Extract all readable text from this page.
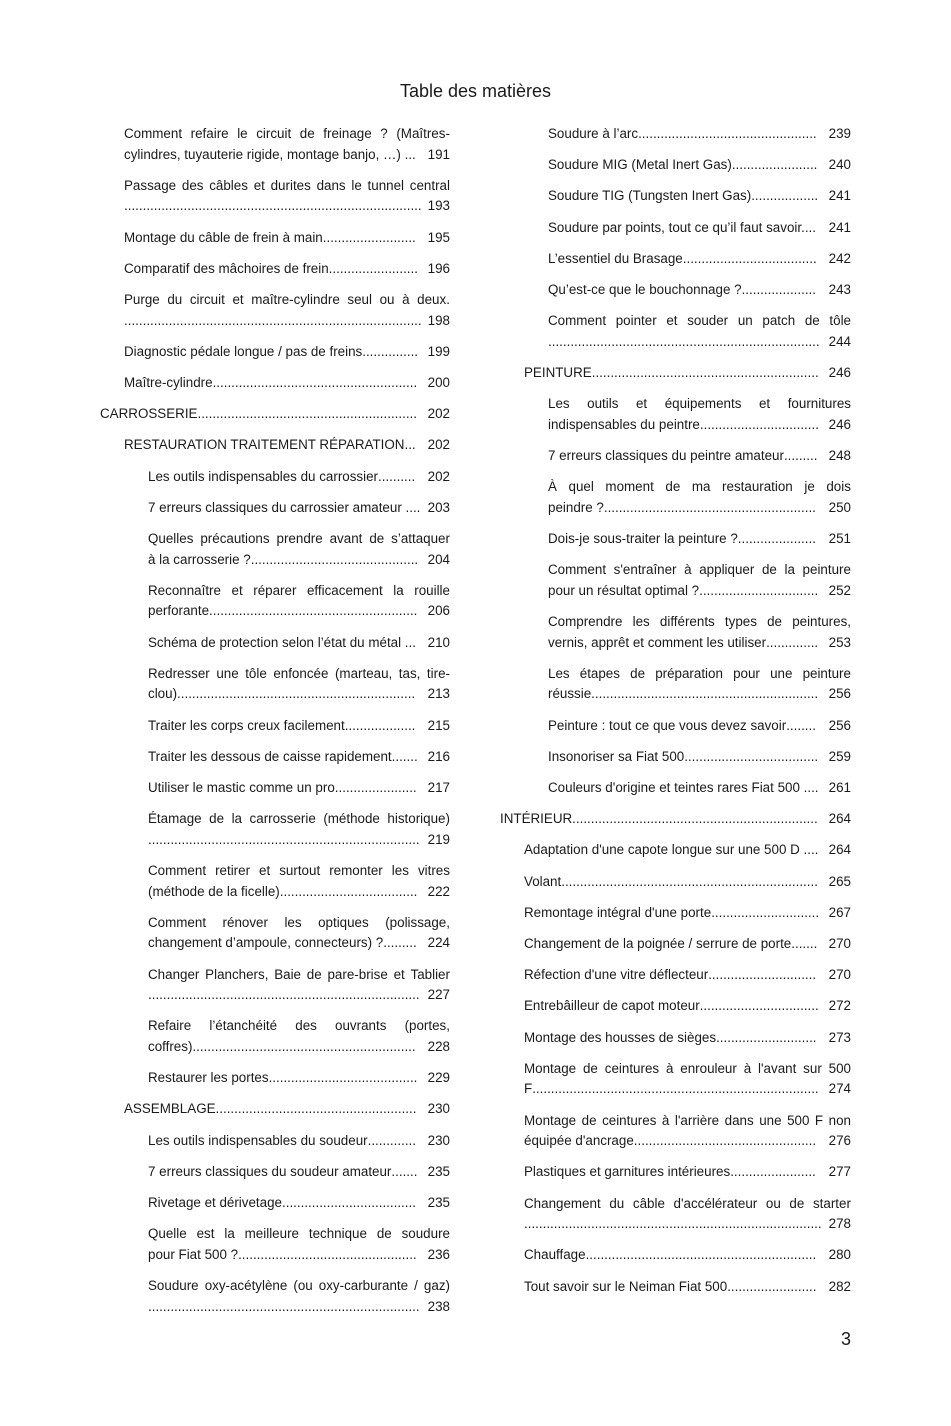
Table des matières
Comment refaire le circuit de freinage ? (Maîtres-
cylindres, tuyauterie rigide, montage banjo, …) . .. 191
Passage des câbles et durites dans le tunnel central
................................................................................ 193
Montage du câble de frein à main ......................... 195
Comparatif des mâchoires de frein ........................ 196
Purge du circuit et maître-cylindre seul ou à deux.
................................................................................ 198
Diagnostic pédale longue / pas de freins ............... 199
Maître-cylindre ....................................................... 200
CARROSSERIE ........................................................... 202
RESTAURATION TRAITEMENT RÉPARATION ... 202
Les outils indispensables du carrossier .......... 202
7 erreurs classiques du carrossier amateur .. .. 203
Quelles précautions prendre avant de s’attaquer
à la carrosserie ? ............................................. 204
Reconnaître et réparer efficacement la rouille
perforante ........................................................ 206
Schéma de protection selon l’état du métal . .. 210
Redresser une tôle enfoncée (marteau, tas, tire-
clou) ................................................................ 213
Traiter les corps creux facilement ................... 215
Traiter les dessous de caisse rapidement ....... 216
Utiliser le mastic comme un pro ...................... 217
Étamage de la carrosserie (méthode historique)
......................................................................... 219
Comment retirer et surtout remonter les vitres
(méthode de la ficelle) ..................................... 222
Comment rénover les optiques (polissage,
changement d’ampoule, connecteurs) ? ......... 224
Changer Planchers, Baie de pare-brise et Tablier
......................................................................... 227
Refaire l’étanchéité des ouvrants (portes,
coffres) ............................................................ 228
Restaurer les portes ........................................ 229
ASSEMBLAGE ...................................................... 230
Les outils indispensables du soudeur ............. 230
7 erreurs classiques du soudeur amateur ....... 235
Rivetage et dérivetage .................................... 235
Quelle est la meilleure technique de soudure
pour Fiat 500 ? ................................................ 236
Soudure oxy-acétylène (ou oxy-carburante / gaz)
......................................................................... 238
Soudure à l’arc ................................................ 239
Soudure MIG (Metal Inert Gas) ....................... 240
Soudure TIG (Tungsten Inert Gas) .................. 241
Soudure par points, tout ce qu’il faut savoir. ... 241
L’essentiel du Brasage .................................... 242
Qu’est-ce que le bouchonnage ? .................... 243
Comment pointer et souder un patch de tôle
......................................................................... 244
PEINTURE ............................................................. 246
Les outils et équipements et fournitures
indispensables du peintre ................................ 246
7 erreurs classiques du peintre amateur ......... 248
À quel moment de ma restauration je dois
peindre ? ......................................................... 250
Dois-je sous-traiter la peinture ? ..................... 251
Comment s'entraîner à appliquer de la peinture
pour un résultat optimal ? ................................ 252
Comprendre les différents types de peintures,
vernis, apprêt et comment les utiliser .............. 253
Les étapes de préparation pour une peinture
réussie ............................................................. 256
Peinture : tout ce que vous devez savoir ........ 256
Insonoriser sa Fiat 500 .................................... 259
Couleurs d'origine et teintes rares Fiat 500 .. .. 261
INTÉRIEUR .................................................................. 264
Adaptation d'une capote longue sur une 500 D . ... 264
Volant ..................................................................... 265
Remontage intégral d'une porte ............................. 267
Changement de la poignée / serrure de porte ....... 270
Réfection d'une vitre déflecteur ............................. 270
Entrebâilleur de capot moteur ................................ 272
Montage des housses de sièges ........................... 273
Montage de ceintures à enrouleur à l'avant sur 500
F ............................................................................. 274
Montage de ceintures à l'arrière dans une 500 F non
équipée d'ancrage ................................................. 276
Plastiques et garnitures intérieures ....................... 277
Changement du câble d'accélérateur ou de starter
................................................................................ 278
Chauffage .............................................................. 280
Tout savoir sur le Neiman Fiat 500 ........................ 282
3
